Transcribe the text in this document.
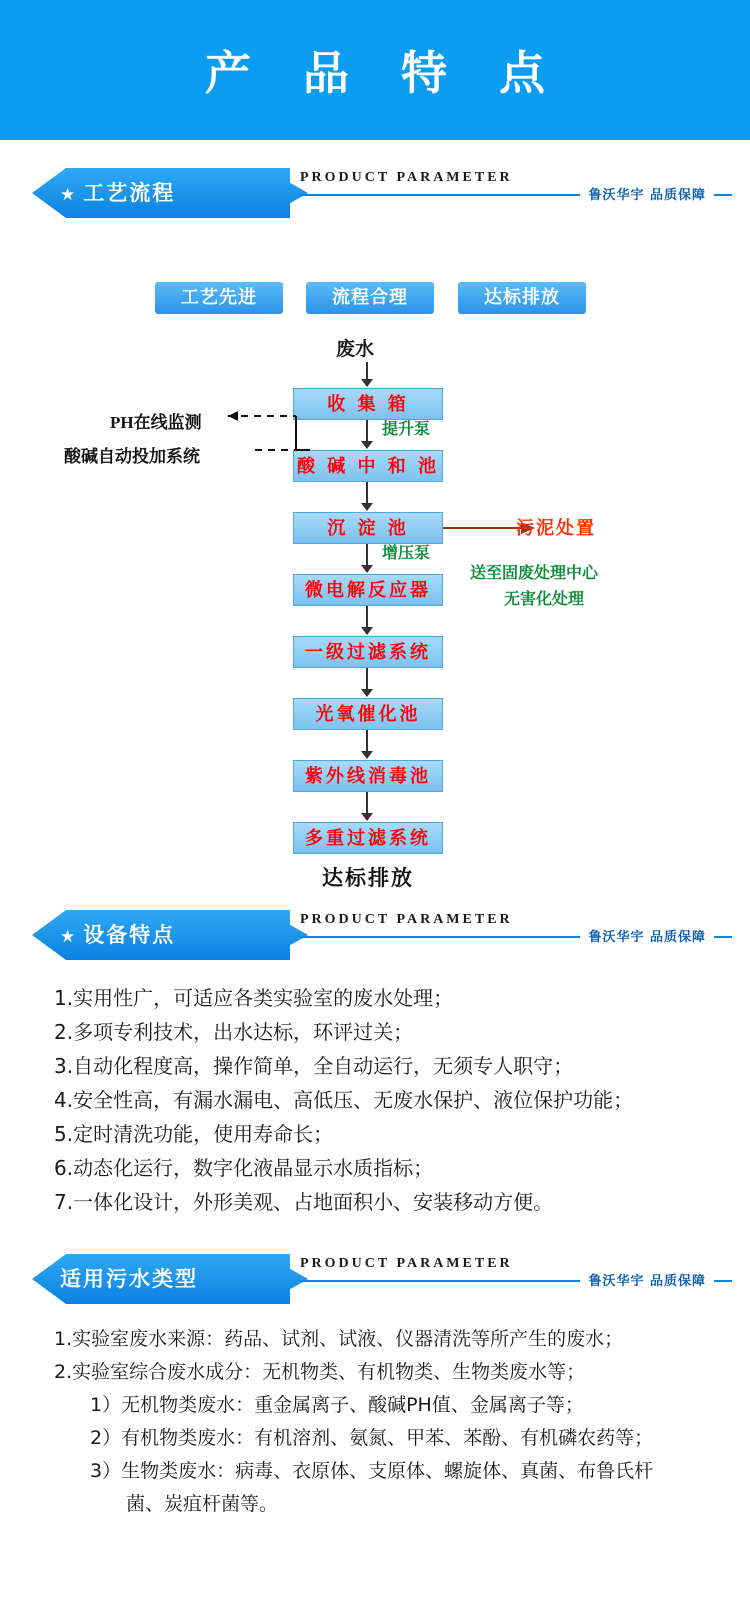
产 品 特 点
★ 工艺流程
PRODUCT PARAMETER
鲁沃华宇 品质保障
工艺先进	流程合理	达标排放
废水
收 集 箱
提升泵
酸 碱 中 和 池
PH在线监测
酸碱自动投加系统
沉 淀 池
增压泵
污泥处置
送至固废处理中心
无害化处理
微电解反应器
一级过滤系统
光氧催化池
紫外线消毒池
多重过滤系统
达标排放
★ 设备特点
PRODUCT PARAMETER
鲁沃华宇 品质保障
1.实用性广，可适应各类实验室的废水处理；
2.多项专利技术，出水达标，环评过关；
3.自动化程度高，操作简单，全自动运行，无须专人职守；
4.安全性高，有漏水漏电、高低压、无废水保护、液位保护功能；
5.定时清洗功能，使用寿命长；
6.动态化运行，数字化液晶显示水质指标；
7.一体化设计，外形美观、占地面积小、安装移动方便。
适用污水类型
PRODUCT PARAMETER
鲁沃华宇 品质保障
1.实验室废水来源：药品、试剂、试液、仪器清洗等所产生的废水；
2.实验室综合废水成分：无机物类、有机物类、生物类废水等；
1）无机物类废水：重金属离子、酸碱PH值、金属离子等；
2）有机物类废水：有机溶剂、氨氮、甲苯、苯酚、有机磷农药等；
3）生物类废水：病毒、衣原体、支原体、螺旋体、真菌、布鲁氏杆
菌、炭疽杆菌等。
